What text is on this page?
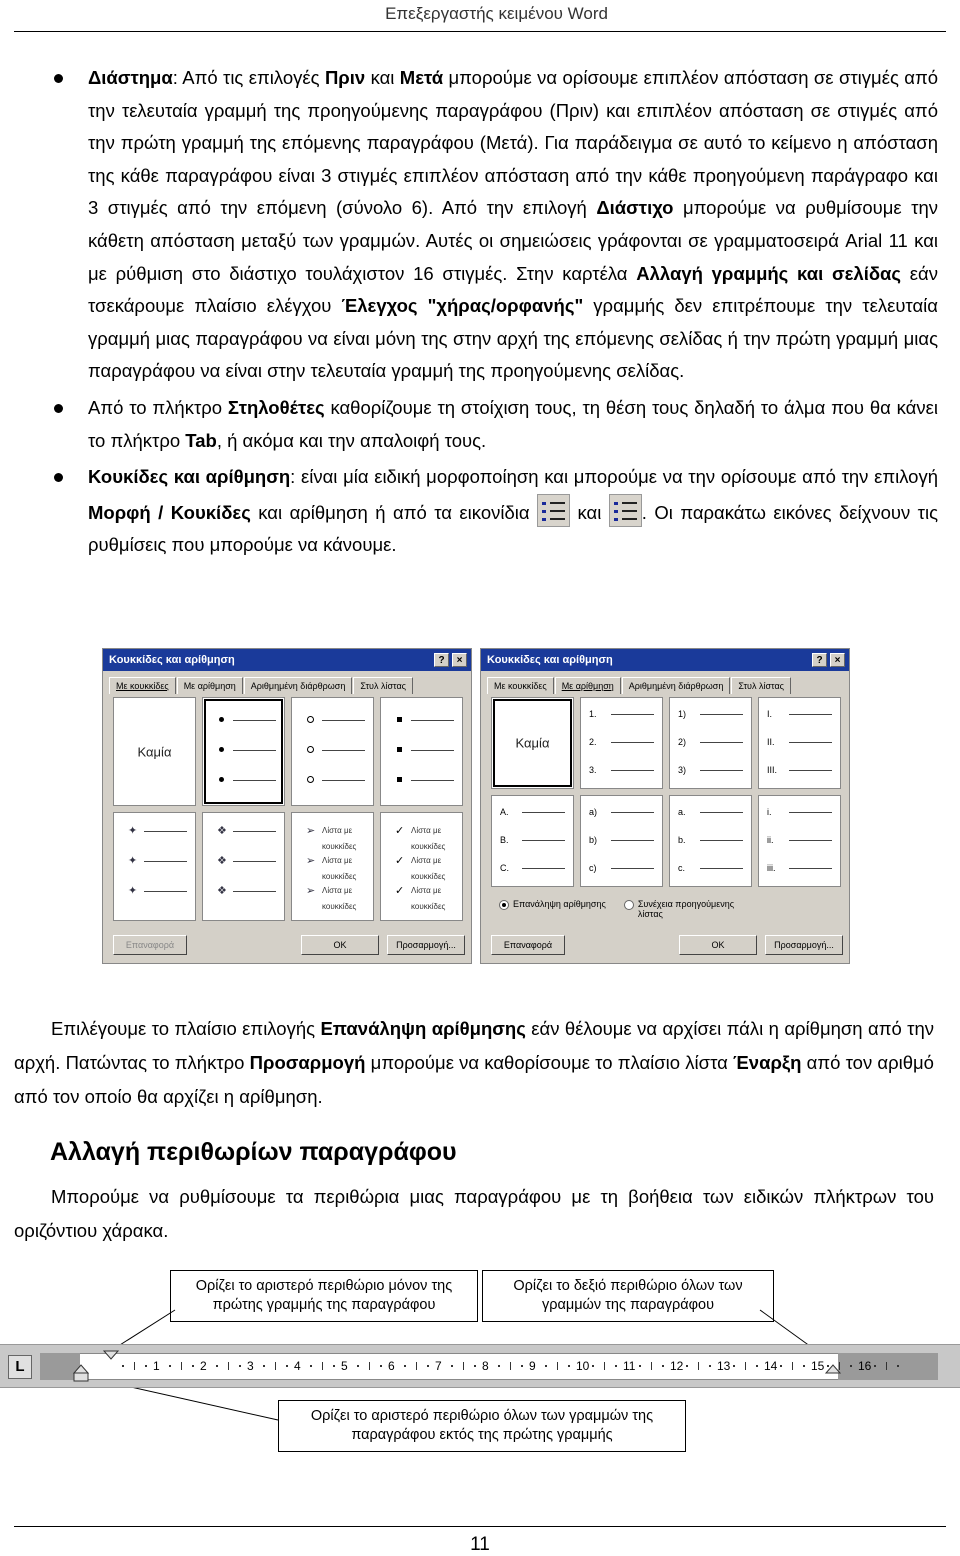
Επεξεργαστής κειμένου Word
Διάστημα: Από τις επιλογές Πριν και Μετά μπορούμε να ορίσουμε επιπλέον απόσταση σε στιγμές από την τελευταία γραμμή της προηγούμενης παραγράφου (Πριν) και επιπλέον απόσταση σε στιγμές από την πρώτη γραμμή της επόμενης παραγράφου (Μετά). Για παράδειγμα σε αυτό το κείμενο η απόσταση της κάθε παραγράφου είναι 3 στιγμές επιπλέον απόσταση από την κάθε προηγούμενη παράγραφο και 3 στιγμές από την επόμενη (σύνολο 6). Από την επιλογή Διάστιχο μπορούμε να ρυθμίσουμε την κάθετη απόσταση μεταξύ των γραμμών. Αυτές οι σημειώσεις γράφονται σε γραμματοσειρά Arial 11 και με ρύθμιση στο διάστιχο τουλάχιστον 16 στιγμές. Στην καρτέλα Αλλαγή γραμμής και σελίδας εάν τσεκάρουμε πλαίσιο ελέγχου Έλεγχος "χήρας/ορφανής" γραμμής δεν επιτρέπουμε την τελευταία γραμμή μιας παραγράφου να είναι μόνη της στην αρχή της επόμενης σελίδας ή την πρώτη γραμμή μιας παραγράφου να είναι στην τελευταία γραμμή της προηγούμενης σελίδας.
Από το πλήκτρο Στηλοθέτες καθορίζουμε τη στοίχιση τους, τη θέση τους δηλαδή το άλμα που θα κάνει το πλήκτρο Tab, ή ακόμα και την απαλοιφή τους.
Κουκίδες και αρίθμηση: είναι μία ειδική μορφοποίηση και μπορούμε να την ορίσουμε από την επιλογή Μορφή / Κουκίδες και αρίθμηση ή από τα εικονίδια
και
. Οι παρακάτω εικόνες δείχνουν τις ρυθμίσεις που μπορούμε να κάνουμε.
Κουκκίδες και αρίθμηση	?	×
Με κουκκίδες	Με αρίθμηση	Αριθμημένη διάρθρωση	Στυλ λίστας
Καμία
✦
✦
✦
❖
❖
❖
➢ Λίστα με κουκκίδες
➢ Λίστα με κουκκίδες
➢ Λίστα με κουκκίδες
✓ Λίστα με κουκκίδες
✓ Λίστα με κουκκίδες
✓ Λίστα με κουκκίδες
Επαναφορά	OK	Προσαρμογή...
Κουκκίδες και αρίθμηση	?	×
Με κουκκίδες	Με αρίθμηση	Αριθμημένη διάρθρωση	Στυλ λίστας
Καμία
1.
2.
3.
1)
2)
3)
I.
II.
III.
A.
B.
C.
a)
b)
c)
a.
b.
c.
i.
ii.
iii.
Επανάληψη αρίθμησης	Συνέχεια προηγούμενης λίστας
Επαναφορά	OK	Προσαρμογή...
Επιλέγουμε το πλαίσιο επιλογής Επανάληψη αρίθμησης εάν θέλουμε να αρχίσει πάλι η αρίθμηση από την αρχή. Πατώντας το πλήκτρο Προσαρμογή μπορούμε να καθορίσουμε το πλαίσιο λίστα Έναρξη από τον αριθμό από τον οποίο θα αρχίζει η αρίθμηση.
Αλλαγή περιθωρίων παραγράφου
Μπορούμε να ρυθμίσουμε τα περιθώρια μιας παραγράφου με τη βοήθεια των ειδικών πλήκτρων του οριζόντιου χάρακα.
Ορίζει το αριστερό περιθώριο μόνον της πρώτης γραμμής της παραγράφου
Ορίζει το δεξιό περιθώριο όλων των γραμμών της παραγράφου
Ορίζει το αριστερό περιθώριο όλων των γραμμών της παραγράφου εκτός της πρώτης γραμμής
L	1	2	3	4	5	6	7	8	9	10	11	12	13	14	15	16
11
